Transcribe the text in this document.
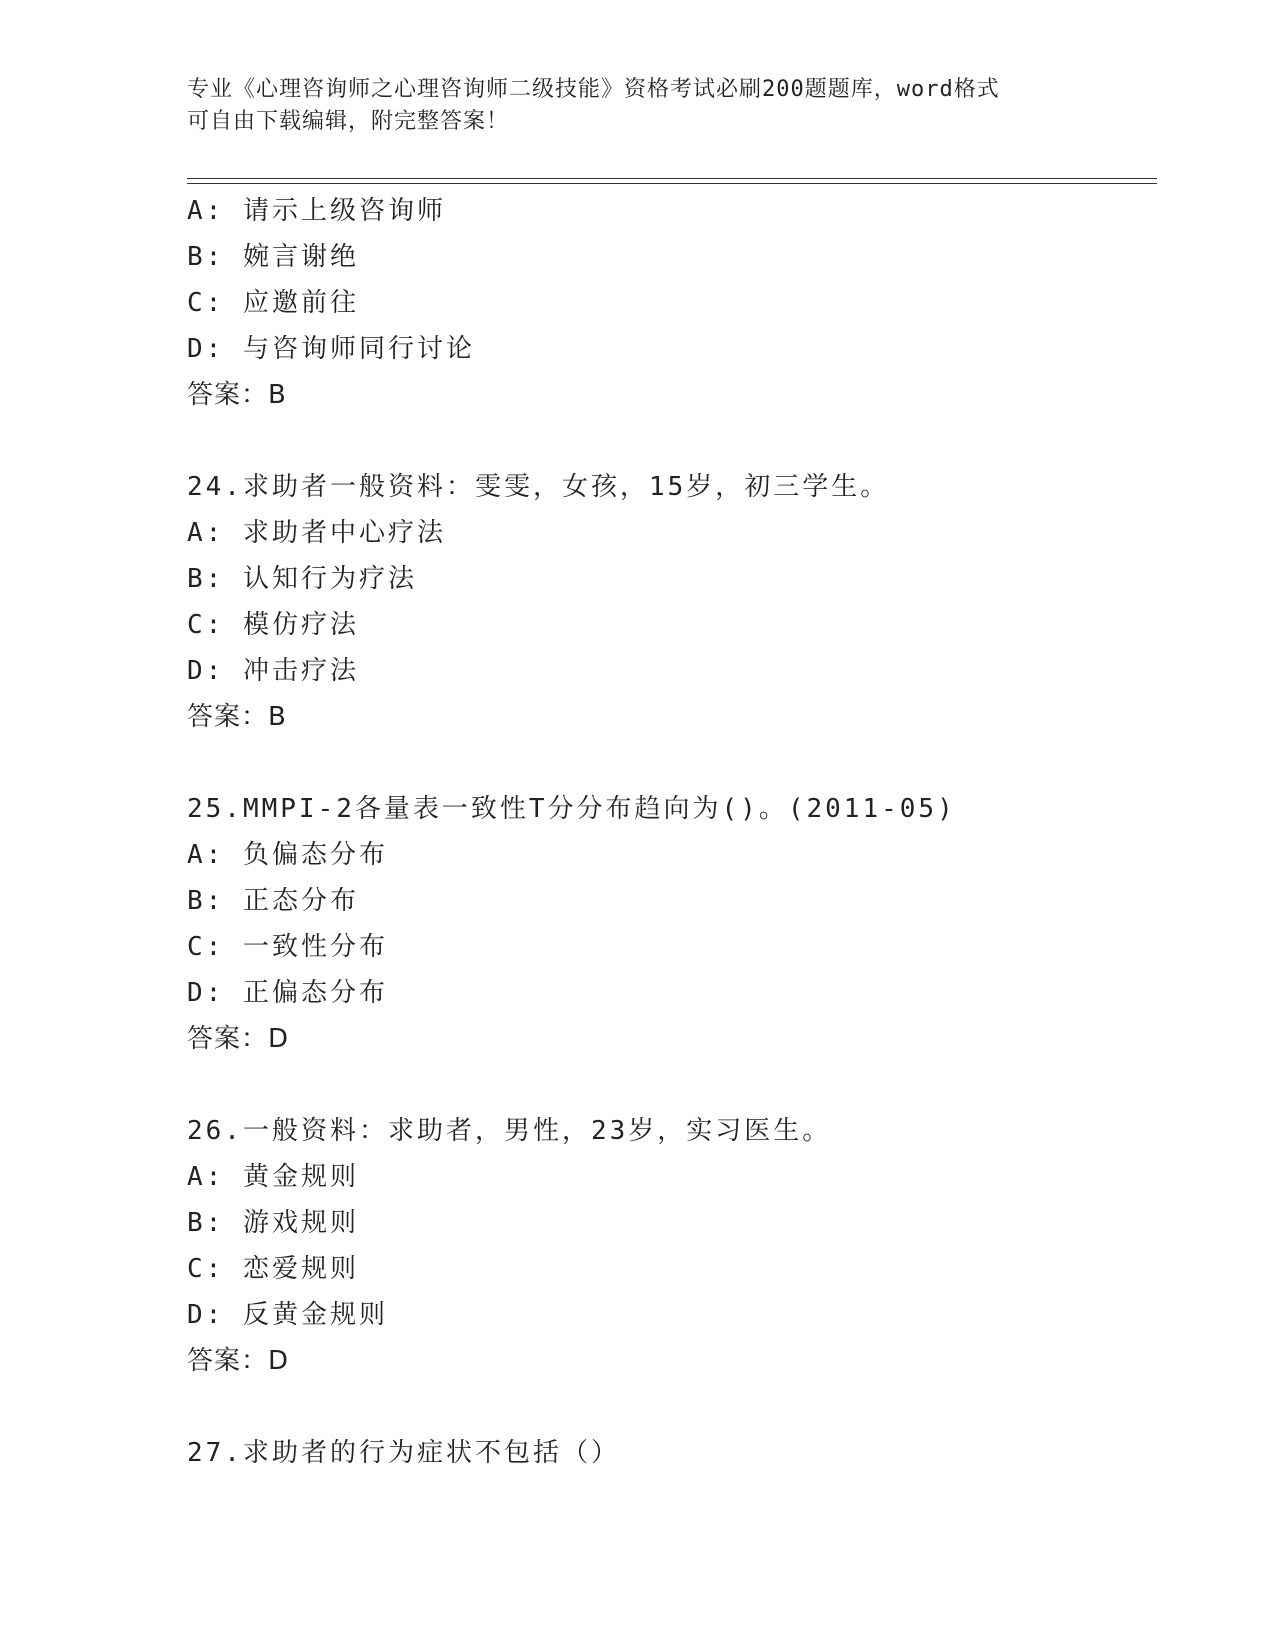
专业《心理咨询师之心理咨询师二级技能》资格考试必刷200题题库，word格式
可自由下载编辑，附完整答案！
A: 请示上级咨询师
B: 婉言谢绝
C: 应邀前往
D: 与咨询师同行讨论
答案：B
24.求助者一般资料：雯雯，女孩，15岁，初三学生。
A: 求助者中心疗法
B: 认知行为疗法
C: 模仿疗法
D: 冲击疗法
答案：B
25.MMPI-2各量表一致性T分分布趋向为()。(2011-05)
A: 负偏态分布
B: 正态分布
C: 一致性分布
D: 正偏态分布
答案：D
26.一般资料：求助者，男性，23岁，实习医生。
A: 黄金规则
B: 游戏规则
C: 恋爱规则
D: 反黄金规则
答案：D
27.求助者的行为症状不包括（）
